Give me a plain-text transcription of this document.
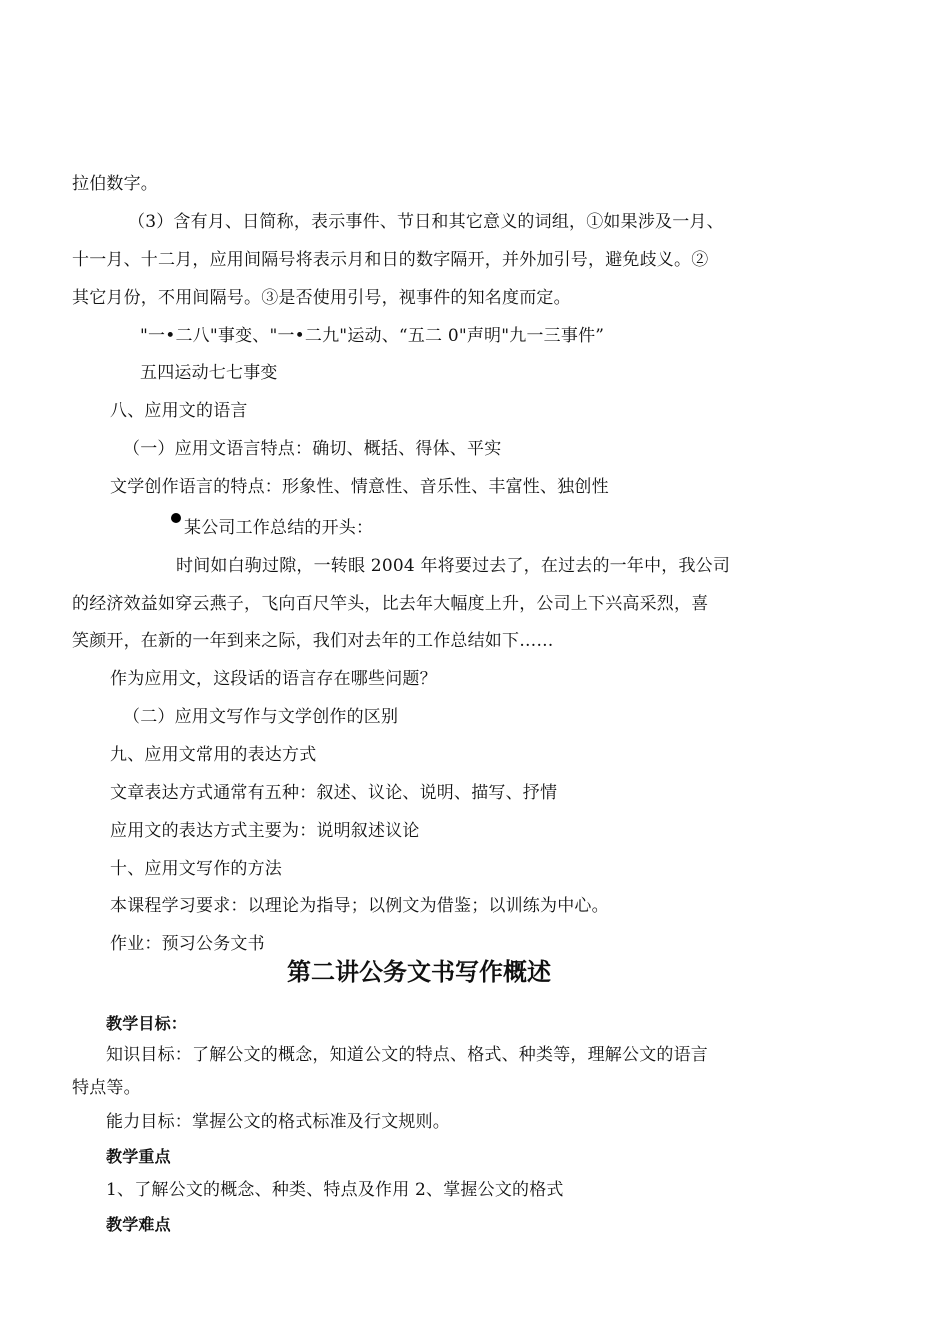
拉伯数字。
（3）含有月、日简称，表示事件、节日和其它意义的词组，①如果涉及一月、
十一月、十二月，应用间隔号将表示月和日的数字隔开，并外加引号，避免歧义。②
其它月份，不用间隔号。③是否使用引号，视事件的知名度而定。
"一•二八"事变、"一•二九"运动、“五二 0"声明"九一三事件”
五四运动七七事变
八、应用文的语言
（一）应用文语言特点：确切、概括、得体、平实
文学创作语言的特点：形象性、情意性、音乐性、丰富性、独创性
某公司工作总结的开头：
时间如白驹过隙，一转眼 2004 年将要过去了，在过去的一年中，我公司
的经济效益如穿云燕子，飞向百尺竿头，比去年大幅度上升，公司上下兴高采烈，喜
笑颜开，在新的一年到来之际，我们对去年的工作总结如下……
作为应用文，这段话的语言存在哪些问题？
（二）应用文写作与文学创作的区别
九、应用文常用的表达方式
文章表达方式通常有五种：叙述、议论、说明、描写、抒情
应用文的表达方式主要为：说明叙述议论
十、应用文写作的方法
本课程学习要求：以理论为指导；以例文为借鉴；以训练为中心。
作业：预习公务文书
第二讲公务文书写作概述
教学目标：
知识目标：了解公文的概念，知道公文的特点、格式、种类等，理解公文的语言
特点等。
能力目标：掌握公文的格式标准及行文规则。
教学重点
1、了解公文的概念、种类、特点及作用 2、掌握公文的格式
教学难点
